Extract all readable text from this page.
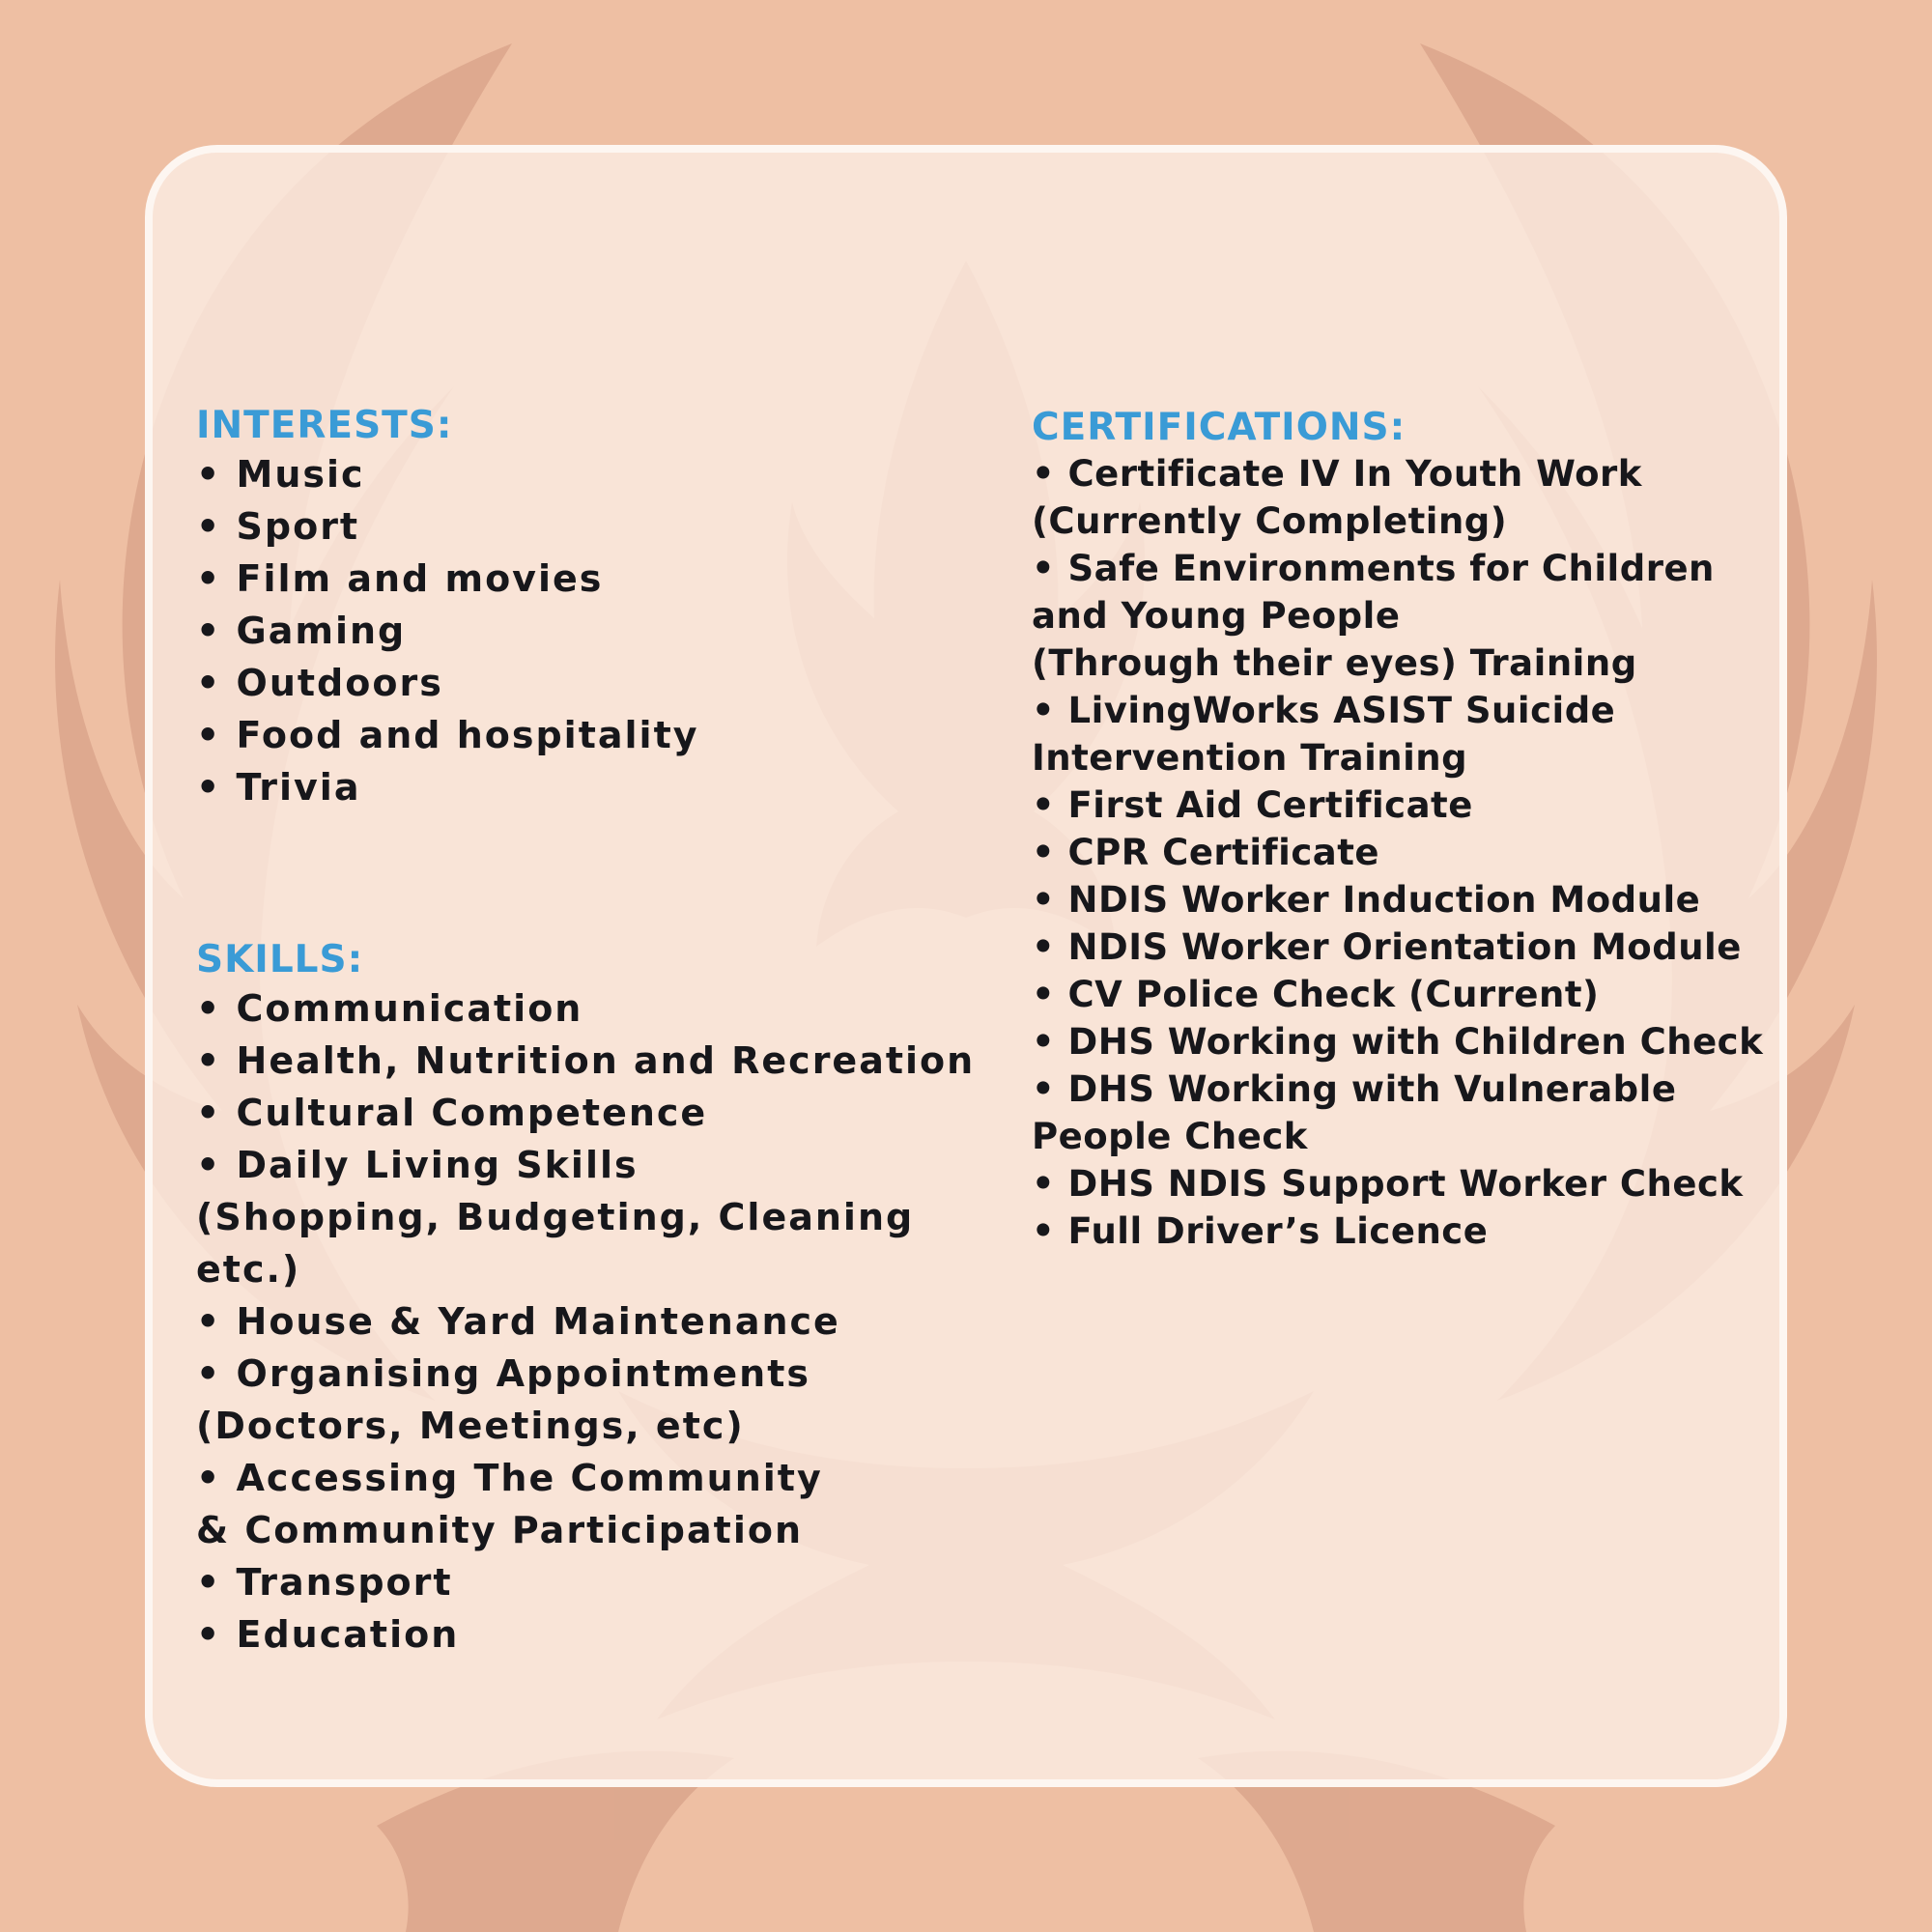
INTERESTS:
• Music
• Sport
• Film and movies
• Gaming
• Outdoors
• Food and hospitality
• Trivia
SKILLS:
• Communication
• Health, Nutrition and Recreation
• Cultural Competence
• Daily Living Skills
(Shopping, Budgeting, Cleaning etc.)
• House & Yard Maintenance
• Organising Appointments
(Doctors, Meetings, etc)
• Accessing The Community
& Community Participation
• Transport
• Education
CERTIFICATIONS:
• Certificate IV In Youth Work
(Currently Completing)
• Safe Environments for Children
and Young People
(Through their eyes) Training
• LivingWorks ASIST Suicide
Intervention Training
• First Aid Certificate
• CPR Certificate
• NDIS Worker Induction Module
• NDIS Worker Orientation Module
• CV Police Check (Current)
• DHS Working with Children Check
• DHS Working with Vulnerable
People Check
• DHS NDIS Support Worker Check
• Full Driver’s Licence
